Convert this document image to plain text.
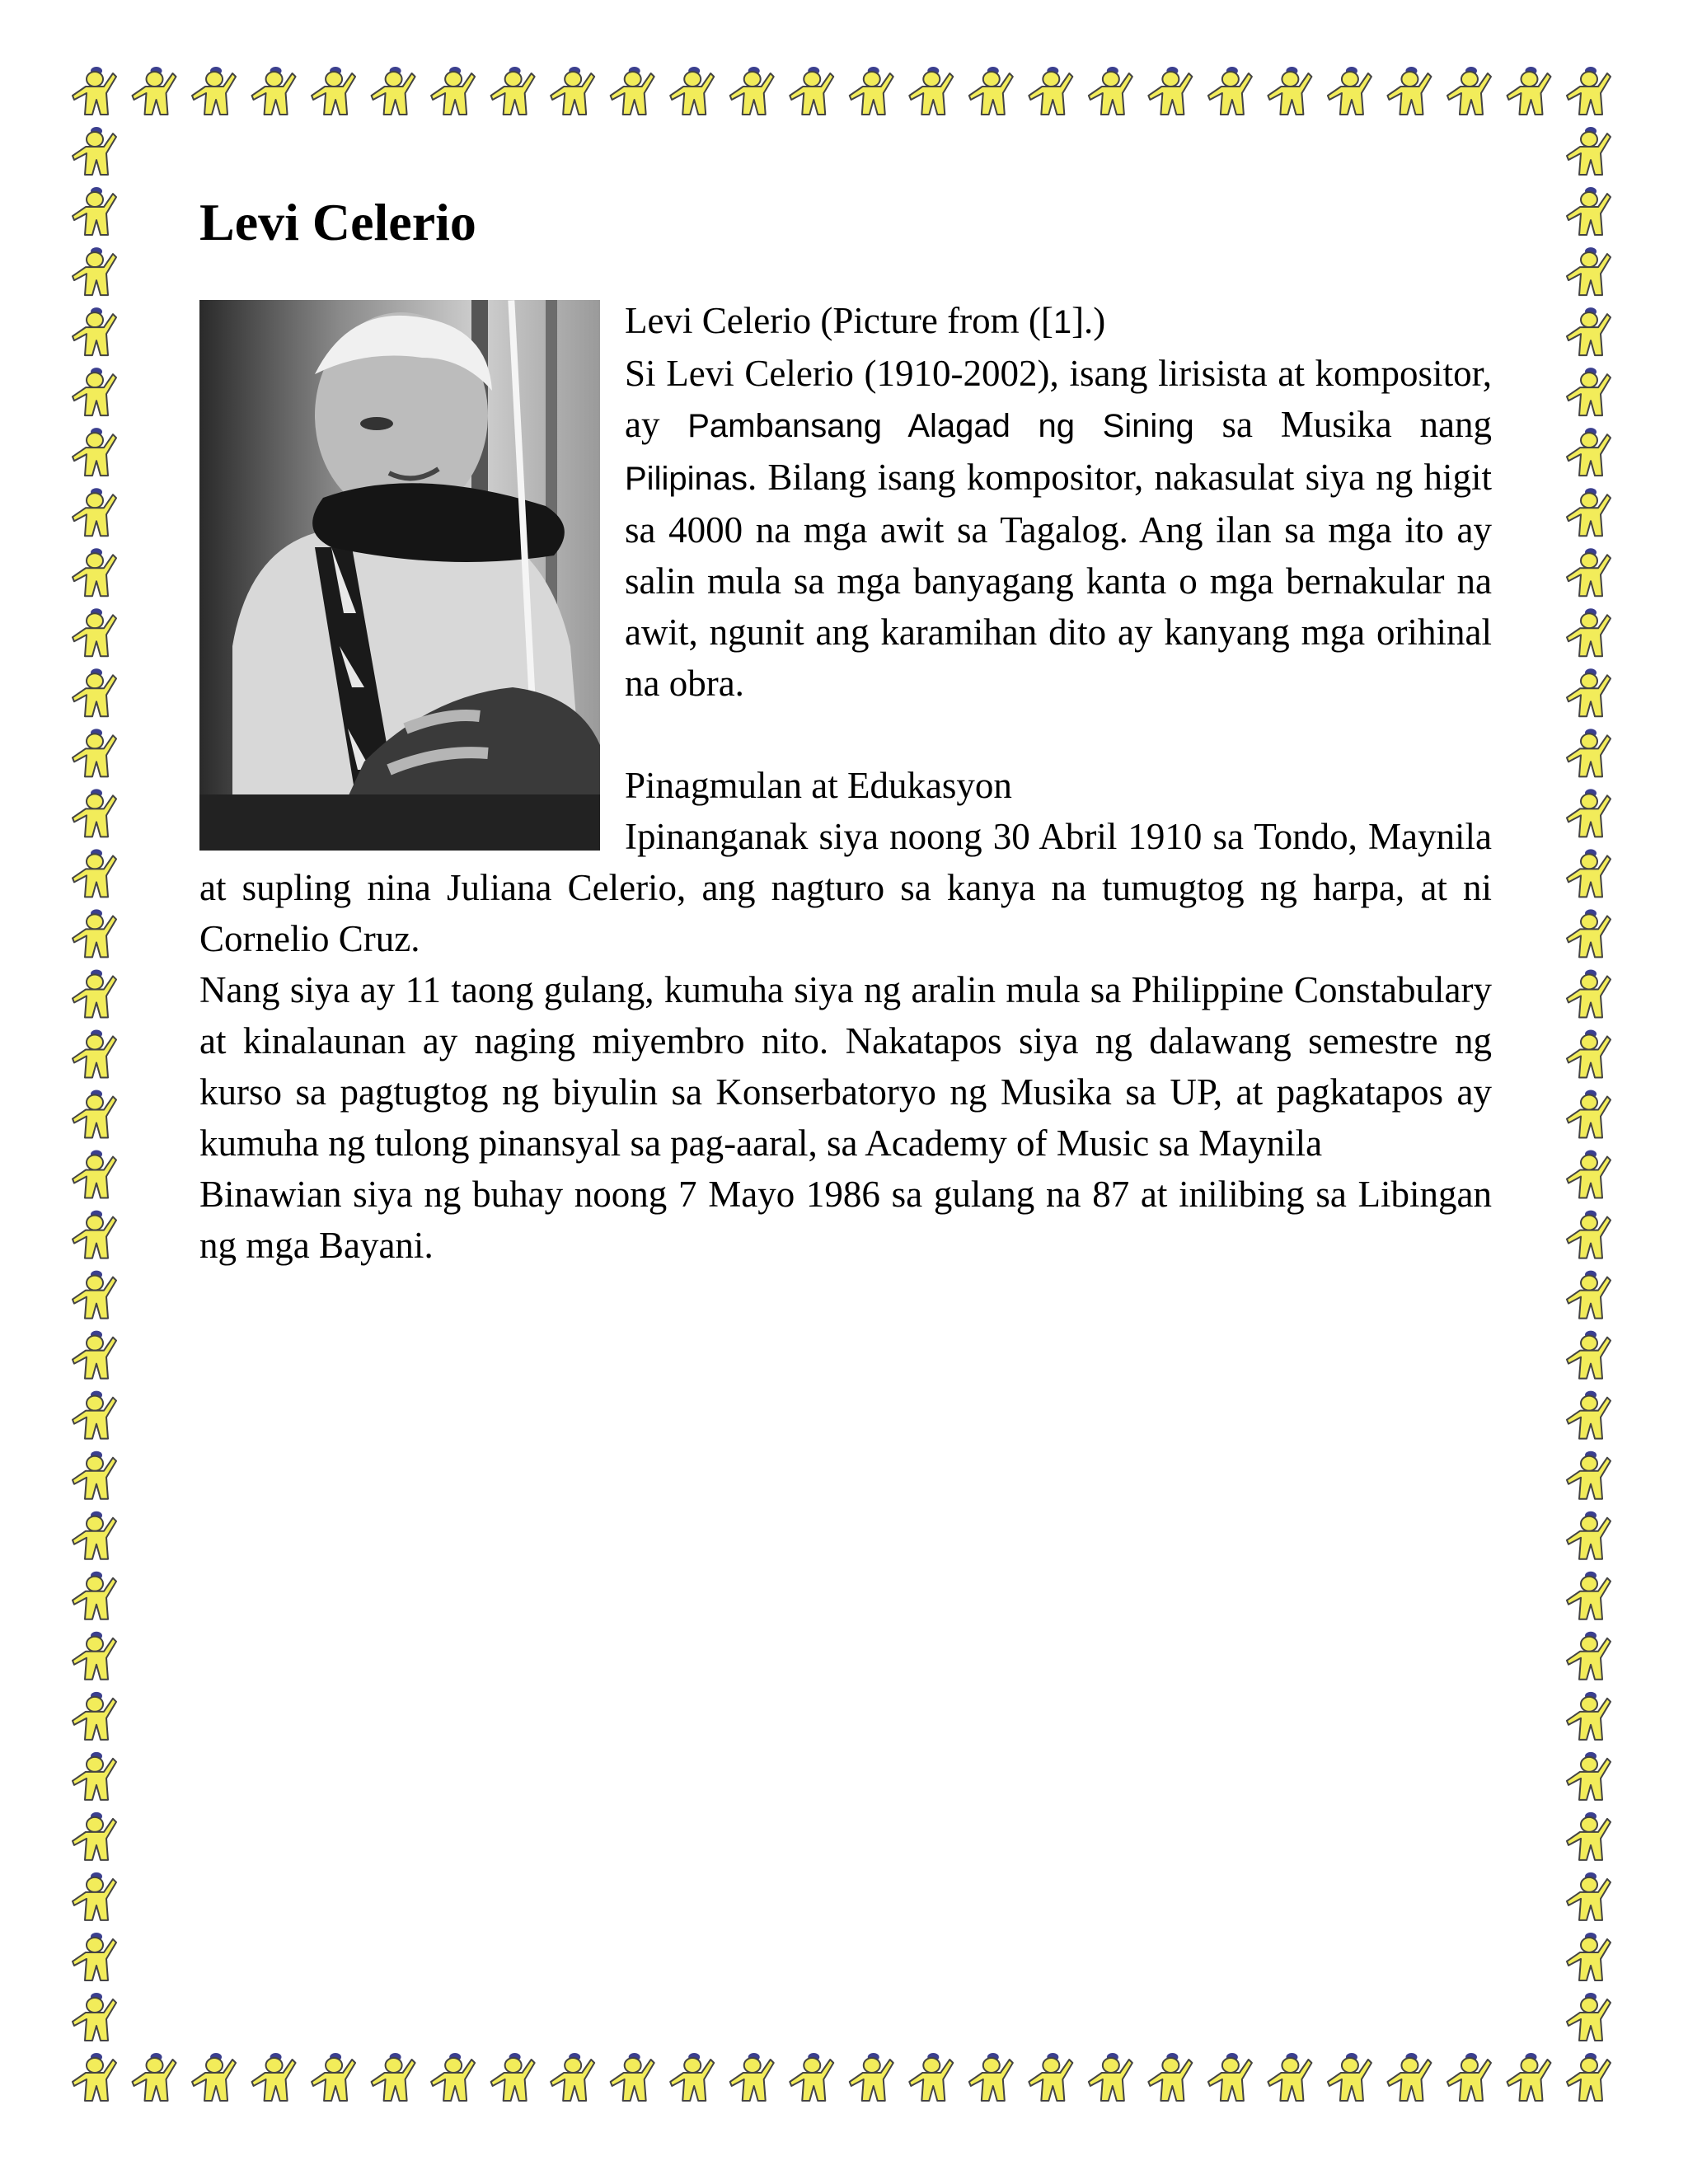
Levi Celerio

Levi Celerio (Picture from ([1].)

Si Levi Celerio (1910-2002), isang lirisista at kompositor, ay Pambansang Alagad ng Sining sa Musika nang Pilipinas. Bilang isang kompositor, nakasulat siya ng higit sa 4000 na mga awit sa Tagalog. Ang ilan sa mga ito ay salin mula sa mga banyagang kanta o mga bernakular na awit, ngunit ang karamihan dito ay kanyang mga orihinal na obra.

Pinagmulan at Edukasyon

Ipinanganak siya noong 30 Abril 1910 sa Tondo, Maynila at supling nina Juliana Celerio, ang nagturo sa kanya na tumugtog ng harpa, at ni Cornelio Cruz.

Nang siya ay 11 taong gulang, kumuha siya ng aralin mula sa Philippine Constabulary at kinalaunan ay naging miyembro nito. Nakatapos siya ng dalawang semestre ng kurso sa pagtugtog ng biyulin sa Konserbatoryo ng Musika sa UP, at pagkatapos ay kumuha ng tulong pinansyal sa pag-aaral, sa Academy of Music sa Maynila

Binawian siya ng buhay noong 7 Mayo 1986 sa gulang na 87 at inilibing sa Libingan ng mga Bayani.
